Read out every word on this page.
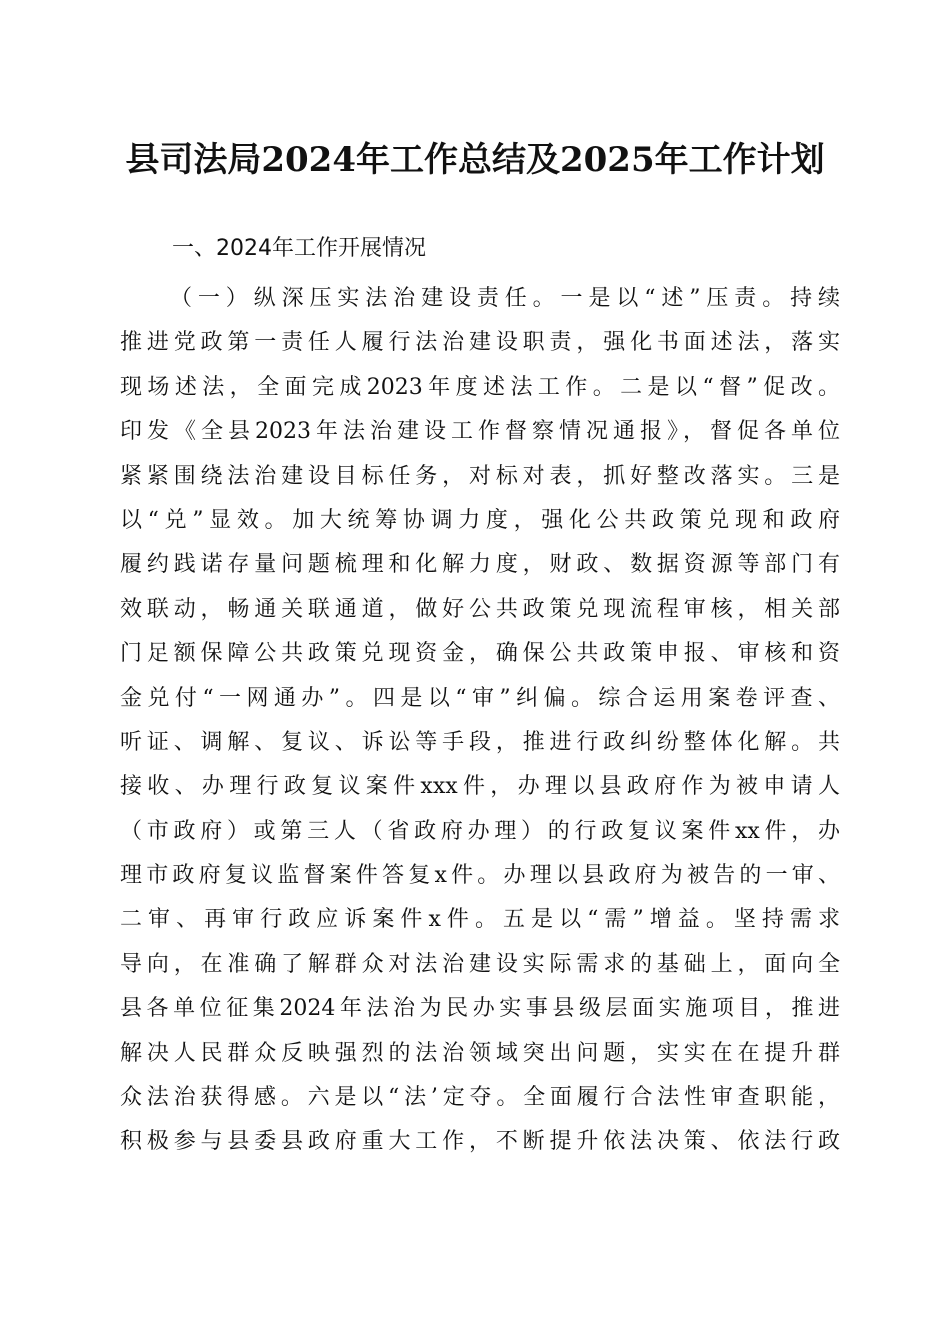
县司法局2024年工作总结及2025年工作计划
一、2024年工作开展情况
（一）纵深压实法治建设责任。一是以“述”压责。持续
推进党政第一责任人履行法治建设职责，强化书面述法，落实
现场述法，全面完成2023年度述法工作。二是以“督”促改。
印发《全县2023年法治建设工作督察情况通报》，督促各单位
紧紧围绕法治建设目标任务，对标对表，抓好整改落实。三是
以“兑”显效。加大统筹协调力度，强化公共政策兑现和政府
履约践诺存量问题梳理和化解力度，财政、数据资源等部门有
效联动，畅通关联通道，做好公共政策兑现流程审核，相关部
门足额保障公共政策兑现资金，确保公共政策申报、审核和资
金兑付“一网通办”。四是以“审”纠偏。综合运用案卷评查、
听证、调解、复议、诉讼等手段，推进行政纠纷整体化解。共
接收、办理行政复议案件xxx件，办理以县政府作为被申请人
（市政府）或第三人（省政府办理）的行政复议案件xx件，办
理市政府复议监督案件答复x件。办理以县政府为被告的一审、
二审、再审行政应诉案件x件。五是以“需”增益。坚持需求
导向，在准确了解群众对法治建设实际需求的基础上，面向全
县各单位征集2024年法治为民办实事县级层面实施项目，推进
解决人民群众反映强烈的法治领域突出问题，实实在在提升群
众法治获得感。六是以“法’定夺。全面履行合法性审查职能，
积极参与县委县政府重大工作，不断提升依法决策、依法行政
